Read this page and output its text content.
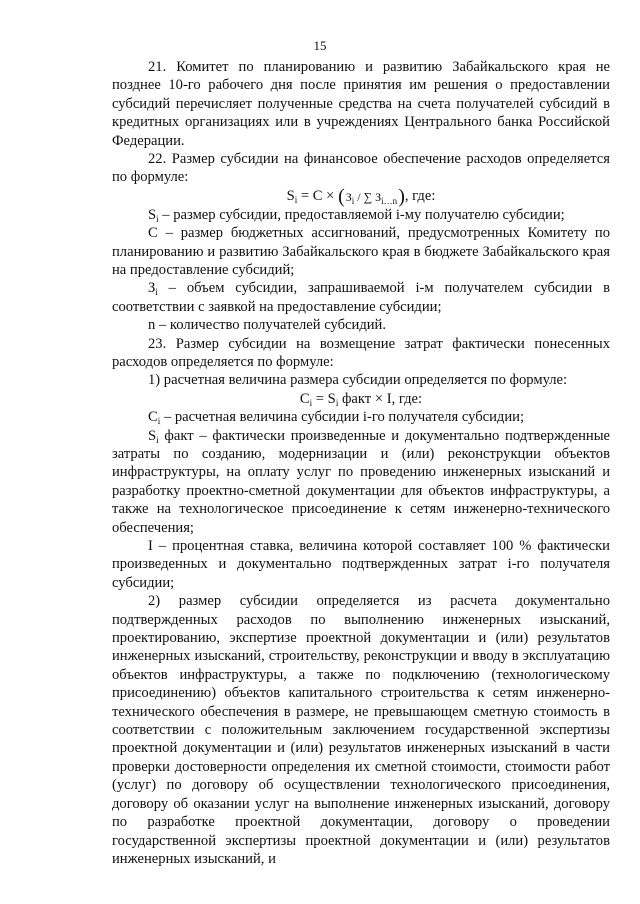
15

21. Комитет по планированию и развитию Забайкальского края не позднее 10-го рабочего дня после принятия им решения о предоставлении субсидий перечисляет полученные средства на счета получателей субсидий в кредитных организациях или в учреждениях Центрального банка Российской Федерации.

22. Размер субсидии на финансовое обеспечение расходов определяется по формуле:

$S_i = C \times (З_i$ / ∑ $З_{i\dots n}$), где:

$S_i$ – размер субсидии, предоставляемой i-му получателю субсидии;

С – размер бюджетных ассигнований, предусмотренных Комитету по планированию и развитию Забайкальского края в бюджете Забайкальского края на предоставление субсидий;

$З_i$ – объем субсидии, запрашиваемой i-м получателем субсидии в соответствии с заявкой на предоставление субсидии;

n – количество получателей субсидий.

23. Размер субсидии на возмещение затрат фактически понесенных расходов определяется по формуле:

1) расчетная величина размера субсидии определяется по формуле:

$C_i = S_i$ факт × I, где:

$C_i$ – расчетная величина субсидии i-го получателя субсидии;

$S_i$ факт – фактически произведенные и документально подтвержденные затраты по созданию, модернизации и (или) реконструкции объектов инфраструктуры, на оплату услуг по проведению инженерных изысканий и разработку проектно-сметной документации для объектов инфраструктуры, а также на технологическое присоединение к сетям инженерно-технического обеспечения;

I – процентная ставка, величина которой составляет 100 % фактически произведенных и документально подтвержденных затрат i-го получателя субсидии;

2) размер субсидии определяется из расчета документально подтвержденных расходов по выполнению инженерных изысканий, проектированию, экспертизе проектной документации и (или) результатов инженерных изысканий, строительству, реконструкции и вводу в эксплуатацию объектов инфраструктуры, а также по подключению (технологическому присоединению) объектов капитального строительства к сетям инженерно-технического обеспечения в размере, не превышающем сметную стоимость в соответствии с положительным заключением государственной экспертизы проектной документации и (или) результатов инженерных изысканий в части проверки достоверности определения их сметной стоимости, стоимости работ (услуг) по договору об осуществлении технологического присоединения, договору об оказании услуг на выполнение инженерных изысканий, договору по разработке проектной документации, договору о проведении государственной экспертизы проектной документации и (или) результатов инженерных изысканий, и
